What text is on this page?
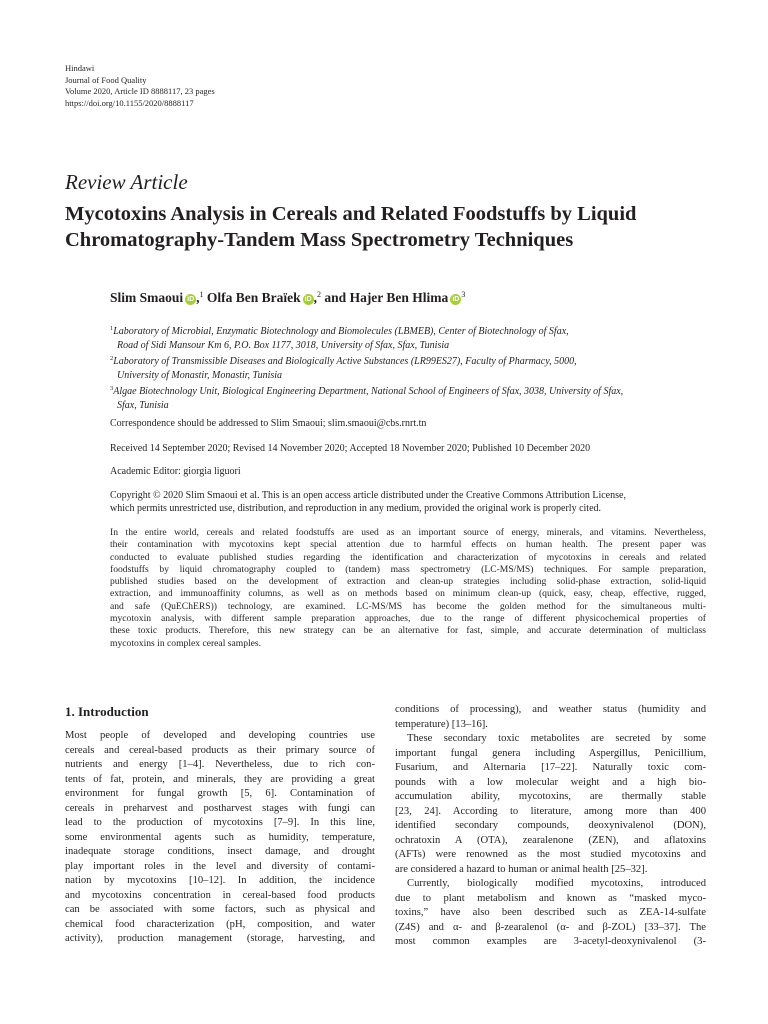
Hindawi
Journal of Food Quality
Volume 2020, Article ID 8888117, 23 pages
https://doi.org/10.1155/2020/8888117
Review Article
Mycotoxins Analysis in Cereals and Related Foodstuffs by Liquid
Chromatography-Tandem Mass Spectrometry Techniques
Slim Smaoui iD ,$^1$ Olfa Ben Braïek iD ,$^2$ and Hajer Ben Hlima $iD^3$
$^1$Laboratory of Microbial, Enzymatic Biotechnology and Biomolecules (LBMEB), Center of Biotechnology of Sfax,
Road of Sidi Mansour Km 6, P.O. Box 1177, 3018, University of Sfax, Sfax, Tunisia
$^2$Laboratory of Transmissible Diseases and Biologically Active Substances (LR99ES27), Faculty of Pharmacy, 5000,
University of Monastir, Monastir, Tunisia
$^3$Algae Biotechnology Unit, Biological Engineering Department, National School of Engineers of Sfax, 3038, University of Sfax,
Sfax, Tunisia
Correspondence should be addressed to Slim Smaoui; slim.smaoui@cbs.rnrt.tn
Received 14 September 2020; Revised 14 November 2020; Accepted 18 November 2020; Published 10 December 2020
Academic Editor: giorgia liguori
Copyright © 2020 Slim Smaoui et al. This is an open access article distributed under the Creative Commons Attribution License,
which permits unrestricted use, distribution, and reproduction in any medium, provided the original work is properly cited.
In the entire world, cereals and related foodstuffs are used as an important source of energy, minerals, and vitamins. Nevertheless,
their contamination with mycotoxins kept special attention due to harmful effects on human health. The present paper was
conducted to evaluate published studies regarding the identification and characterization of mycotoxins in cereals and related
foodstuffs by liquid chromatography coupled to (tandem) mass spectrometry (LC-MS/MS) techniques. For sample preparation,
published studies based on the development of extraction and clean-up strategies including solid-phase extraction, solid-liquid
extraction, and immunoaffinity columns, as well as on methods based on minimum clean-up (quick, easy, cheap, effective, rugged,
and safe (QuEChERS)) technology, are examined. LC-MS/MS has become the golden method for the simultaneous multi-
mycotoxin analysis, with different sample preparation approaches, due to the range of different physicochemical properties of
these toxic products. Therefore, this new strategy can be an alternative for fast, simple, and accurate determination of multiclass
mycotoxins in complex cereal samples.
1. Introduction
Most people of developed and developing countries use
cereals and cereal-based products as their primary source of
nutrients and energy [1–4]. Nevertheless, due to rich con-
tents of fat, protein, and minerals, they are providing a great
environment for fungal growth [5, 6]. Contamination of
cereals in preharvest and postharvest stages with fungi can
lead to the production of mycotoxins [7–9]. In this line,
some environmental agents such as humidity, temperature,
inadequate storage conditions, insect damage, and drought
play important roles in the level and diversity of contami-
nation by mycotoxins [10–12]. In addition, the incidence
and mycotoxins concentration in cereal-based food products
can be associated with some factors, such as physical and
chemical food characterization (pH, composition, and water
activity), production management (storage, harvesting, and
conditions of processing), and weather status (humidity and
temperature) [13–16].
These secondary toxic metabolites are secreted by some
important fungal genera including Aspergillus, Penicillium,
Fusarium, and Alternaria [17–22]. Naturally toxic com-
pounds with a low molecular weight and a high bio-
accumulation ability, mycotoxins, are thermally stable
[23, 24]. According to literature, among more than 400
identified secondary compounds, deoxynivalenol (DON),
ochratoxin A (OTA), zearalenone (ZEN), and aflatoxins
(AFTs) were renowned as the most studied mycotoxins and
are considered a hazard to human or animal health [25–32].
Currently, biologically modified mycotoxins, introduced
due to plant metabolism and known as “masked myco-
toxins,” have also been described such as ZEA-14-sulfate
(Z4S) and α- and β-zearalenol (α- and β-ZOL) [33–37]. The
most common examples are 3-acetyl-deoxynivalenol (3-
